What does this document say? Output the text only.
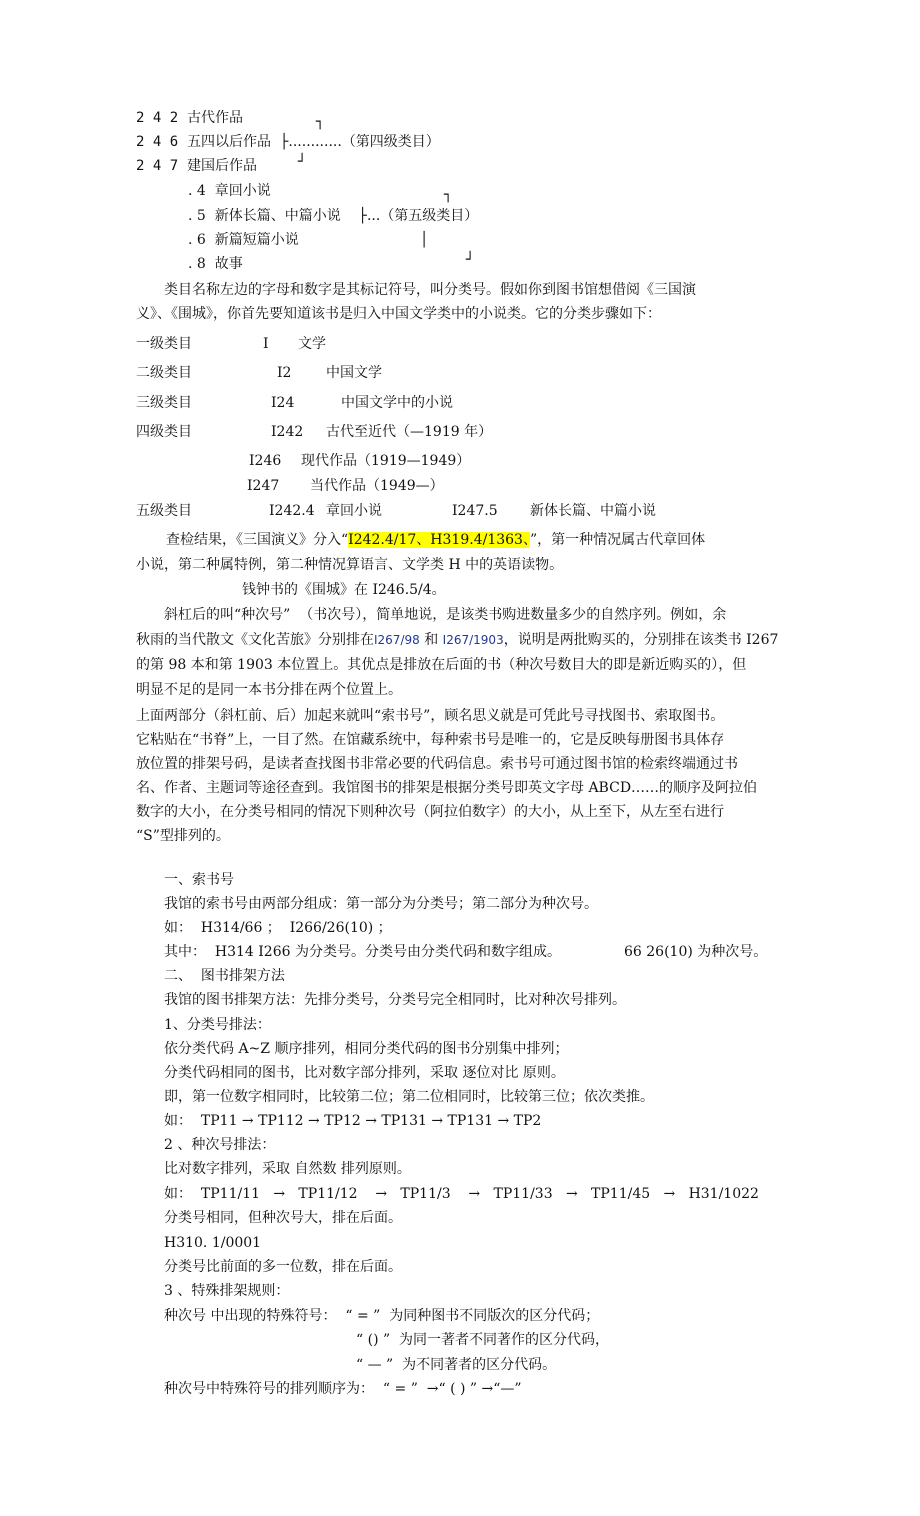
2 4 2 古代作品	┐
2 4 6 五四以后作品  ├............（第四级类目）
2 4 7 建国后作品	┘
. 4 章回小说	┐
. 5 新体长篇、中篇小说    ├...（第五级类目）
. 6 新篇短篇小说	│
. 8 故事	┘
类目名称左边的字母和数字是其标记符号，叫分类号。假如你到图书馆想借阅《三国演
义》、《围城》，你首先要知道该书是归入中国文学类中的小说类。它的分类步骤如下：
一级类目	I 文学
二级类目	I2 中国文学
三级类目	I24	中国文学中的小说
四级类目	I242 古代至近代（—1919 年）
I246 现代作品（1919—1949）
I247 当代作品（1949—）
五级类目	I242.4 章回小说	I247.5 新体长篇、中篇小说
查检结果，《三国演义》分入“I242.4/17、H319.4/1363、”，第一种情况属古代章回体
小说，第二种属特例，第二种情况算语言、文学类 H 中的英语读物。
钱钟书的《围城》在 I246.5/4。
斜杠后的叫“种次号”  （书次号），简单地说，是该类书购进数量多少的自然序列。例如，余
秋雨的当代散文《文化苦旅》分别排在I267/98 和 I267/1903，说明是两批购买的，分别排在该类书 I267
的第 98 本和第 1903 本位置上。其优点是排放在后面的书（种次号数目大的即是新近购买的），但
明显不足的是同一本书分排在两个位置上。
上面两部分（斜杠前、后）加起来就叫“索书号”，顾名思义就是可凭此号寻找图书、索取图书。
它粘贴在“书脊”上，一目了然。在馆藏系统中，每种索书号是唯一的，它是反映每册图书具体存
放位置的排架号码，是读者查找图书非常必要的代码信息。索书号可通过图书馆的检索终端通过书
名、作者、主题词等途径查到。我馆图书的排架是根据分类号即英文字母 ABCD……的顺序及阿拉伯
数字的大小，在分类号相同的情况下则种次号（阿拉伯数字）的大小，从上至下，从左至右进行
“S”型排列的。
一、索书号
我馆的索书号由两部分组成：第一部分为分类号；第二部分为种次号。
如：  H314/66 ；  I266/26(10) ；
其中：  H314 I266 为分类号。分类号由分类代码和数字组成。	66 26(10) 为种次号。
二、  图书排架方法
我馆的图书排架方法：先排分类号，分类号完全相同时，比对种次号排列。
1、分类号排法：
依分类代码 A~Z 顺序排列，相同分类代码的图书分别集中排列；
分类代码相同的图书，比对数字部分排列，采取 逐位对比 原则。
即，第一位数字相同时，比较第二位；第二位相同时，比较第三位；依次类推。
如：  TP11 → TP112 → TP12 → TP131 → TP131 → TP2
2 、种次号排法：
比对数字排列，采取 自然数 排列原则。
如：  TP11/11   →   TP11/12    →   TP11/3    →   TP11/33   →   TP11/45   →   H31/1022
分类号相同，但种次号大，排在后面。
H310. 1/0001
分类号比前面的多一位数，排在后面。
3 、特殊排架规则：
种次号 中出现的特殊符号：  “ = ”  为同种图书不同版次的区分代码；
“ () ”  为同一著者不同著作的区分代码，
“ — ”  为不同著者的区分代码。
种次号中特殊符号的排列顺序为：  “ = ”  →“ ( ) ” →“—”
